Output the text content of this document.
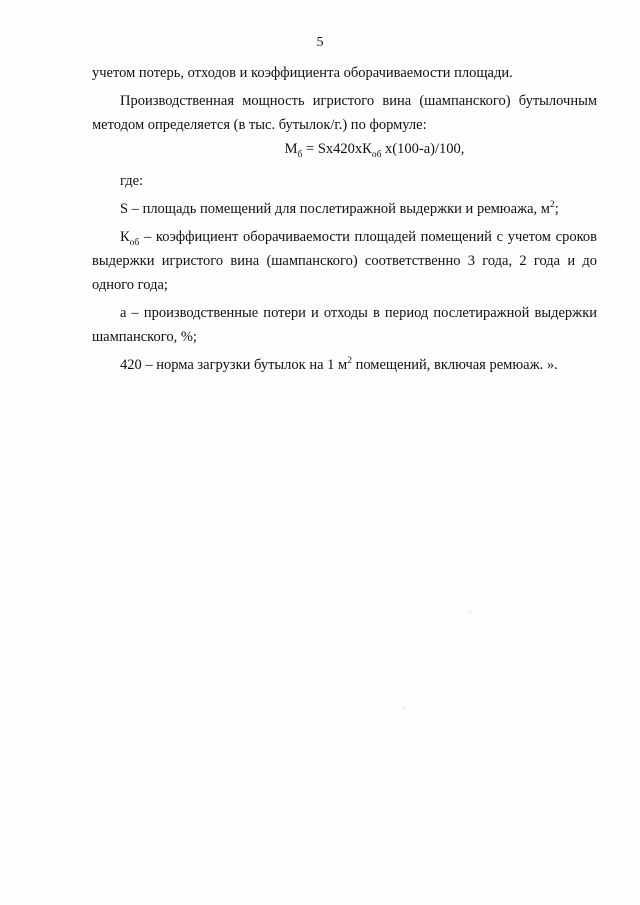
5

учетом потерь, отходов и коэффициента оборачиваемости площади.

Производственная мощность игристого вина (шампанского) бутылочным методом определяется (в тыс. бутылок/г.) по формуле:

$М_б = Sх420хК_{об}$ х(100-а)/100,

где:

S – площадь помещений для послетиражной выдержки и ремюажа, $м^2$;

$К_{об}$ – коэффициент оборачиваемости площадей помещений с учетом сроков выдержки игристого вина (шампанского) соответственно 3 года, 2 года и до одного года;

а – производственные потери и отходы в период послетиражной выдержки шампанского, %;

420 – норма загрузки бутылок на 1 $м^2$ помещений, включая ремюаж. ».
